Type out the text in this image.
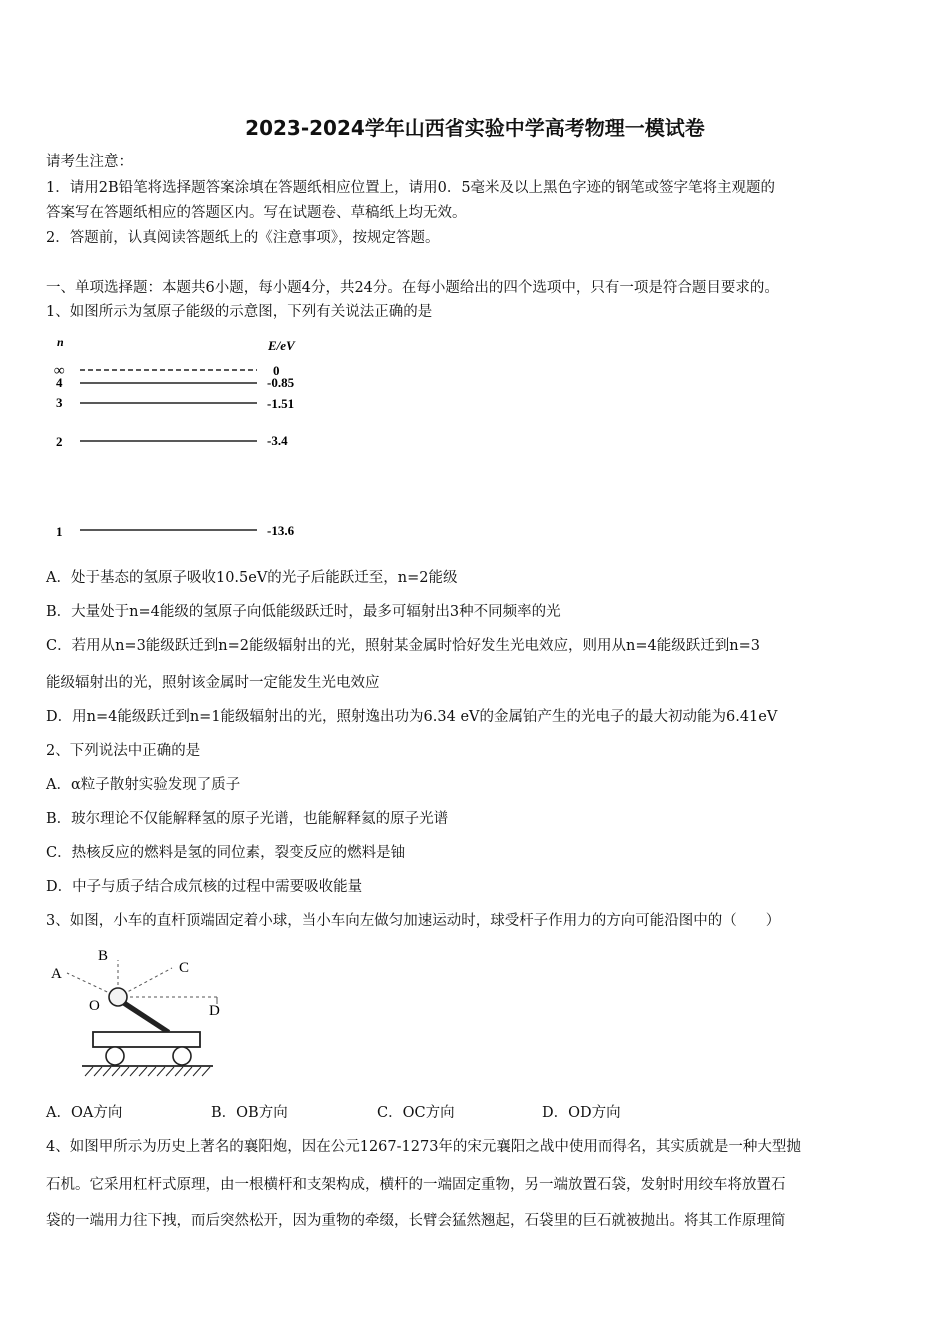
2023-2024学年山西省实验中学高考物理一模试卷
请考生注意：
1．请用2B铅笔将选择题答案涂填在答题纸相应位置上，请用0．5毫米及以上黑色字迹的钢笔或签字笔将主观题的
答案写在答题纸相应的答题区内。写在试题卷、草稿纸上均无效。
2．答题前，认真阅读答题纸上的《注意事项》，按规定答题。
一、单项选择题：本题共6小题，每小题4分，共24分。在每小题给出的四个选项中，只有一项是符合题目要求的。
1、如图所示为氢原子能级的示意图，下列有关说法正确的是
n	E/eV
∞	0
4	-0.85
3	-1.51
2	-3.4
1	-13.6
A．处于基态的氢原子吸收10.5eV的光子后能跃迁至，n=2能级
B．大量处于n=4能级的氢原子向低能级跃迁时，最多可辐射出3种不同频率的光
C．若用从n=3能级跃迁到n=2能级辐射出的光，照射某金属时恰好发生光电效应，则用从n=4能级跃迁到n=3
能级辐射出的光，照射该金属时一定能发生光电效应
D．用n=4能级跃迁到n=1能级辐射出的光，照射逸出功为6.34 eV的金属铂产生的光电子的最大初动能为6.41eV
2、下列说法中正确的是
A．α粒子散射实验发现了质子
B．玻尔理论不仅能解释氢的原子光谱，也能解释氦的原子光谱
C．热核反应的燃料是氢的同位素，裂变反应的燃料是铀
D．中子与质子结合成氘核的过程中需要吸收能量
3、如图，小车的直杆顶端固定着小球，当小车向左做匀加速运动时，球受杆子作用力的方向可能沿图中的（　　）
A
B
C
D
O
A．OA方向	B．OB方向	C．OC方向	D．OD方向
4、如图甲所示为历史上著名的襄阳炮，因在公元1267-1273年的宋元襄阳之战中使用而得名，其实质就是一种大型抛
石机。它采用杠杆式原理，由一根横杆和支架构成，横杆的一端固定重物，另一端放置石袋，发射时用绞车将放置石
袋的一端用力往下拽，而后突然松开，因为重物的牵缀，长臂会猛然翘起，石袋里的巨石就被抛出。将其工作原理简
